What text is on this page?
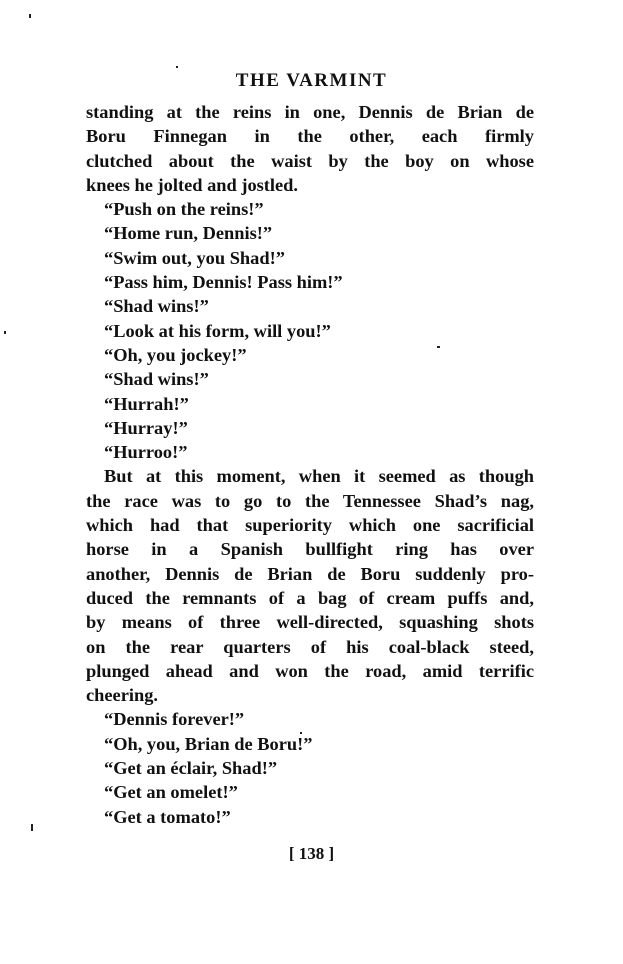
THE VARMINT
standing at the reins in one, Dennis de Brian de
Boru Finnegan in the other, each firmly
clutched about the waist by the boy on whose
knees he jolted and jostled.
“Push on the reins!”
“Home run, Dennis!”
“Swim out, you Shad!”
“Pass him, Dennis! Pass him!”
“Shad wins!”
“Look at his form, will you!”
“Oh, you jockey!”
“Shad wins!”
“Hurrah!”
“Hurray!”
“Hurroo!”
But at this moment, when it seemed as though
the race was to go to the Tennessee Shad’s nag,
which had that superiority which one sacrificial
horse in a Spanish bullfight ring has over
another, Dennis de Brian de Boru suddenly pro-
duced the remnants of a bag of cream puffs and,
by means of three well-directed, squashing shots
on the rear quarters of his coal-black steed,
plunged ahead and won the road, amid terrific
cheering.
“Dennis forever!”
“Oh, you, Brian de Boru!”
“Get an éclair, Shad!”
“Get an omelet!”
“Get a tomato!”
[ 138 ]
